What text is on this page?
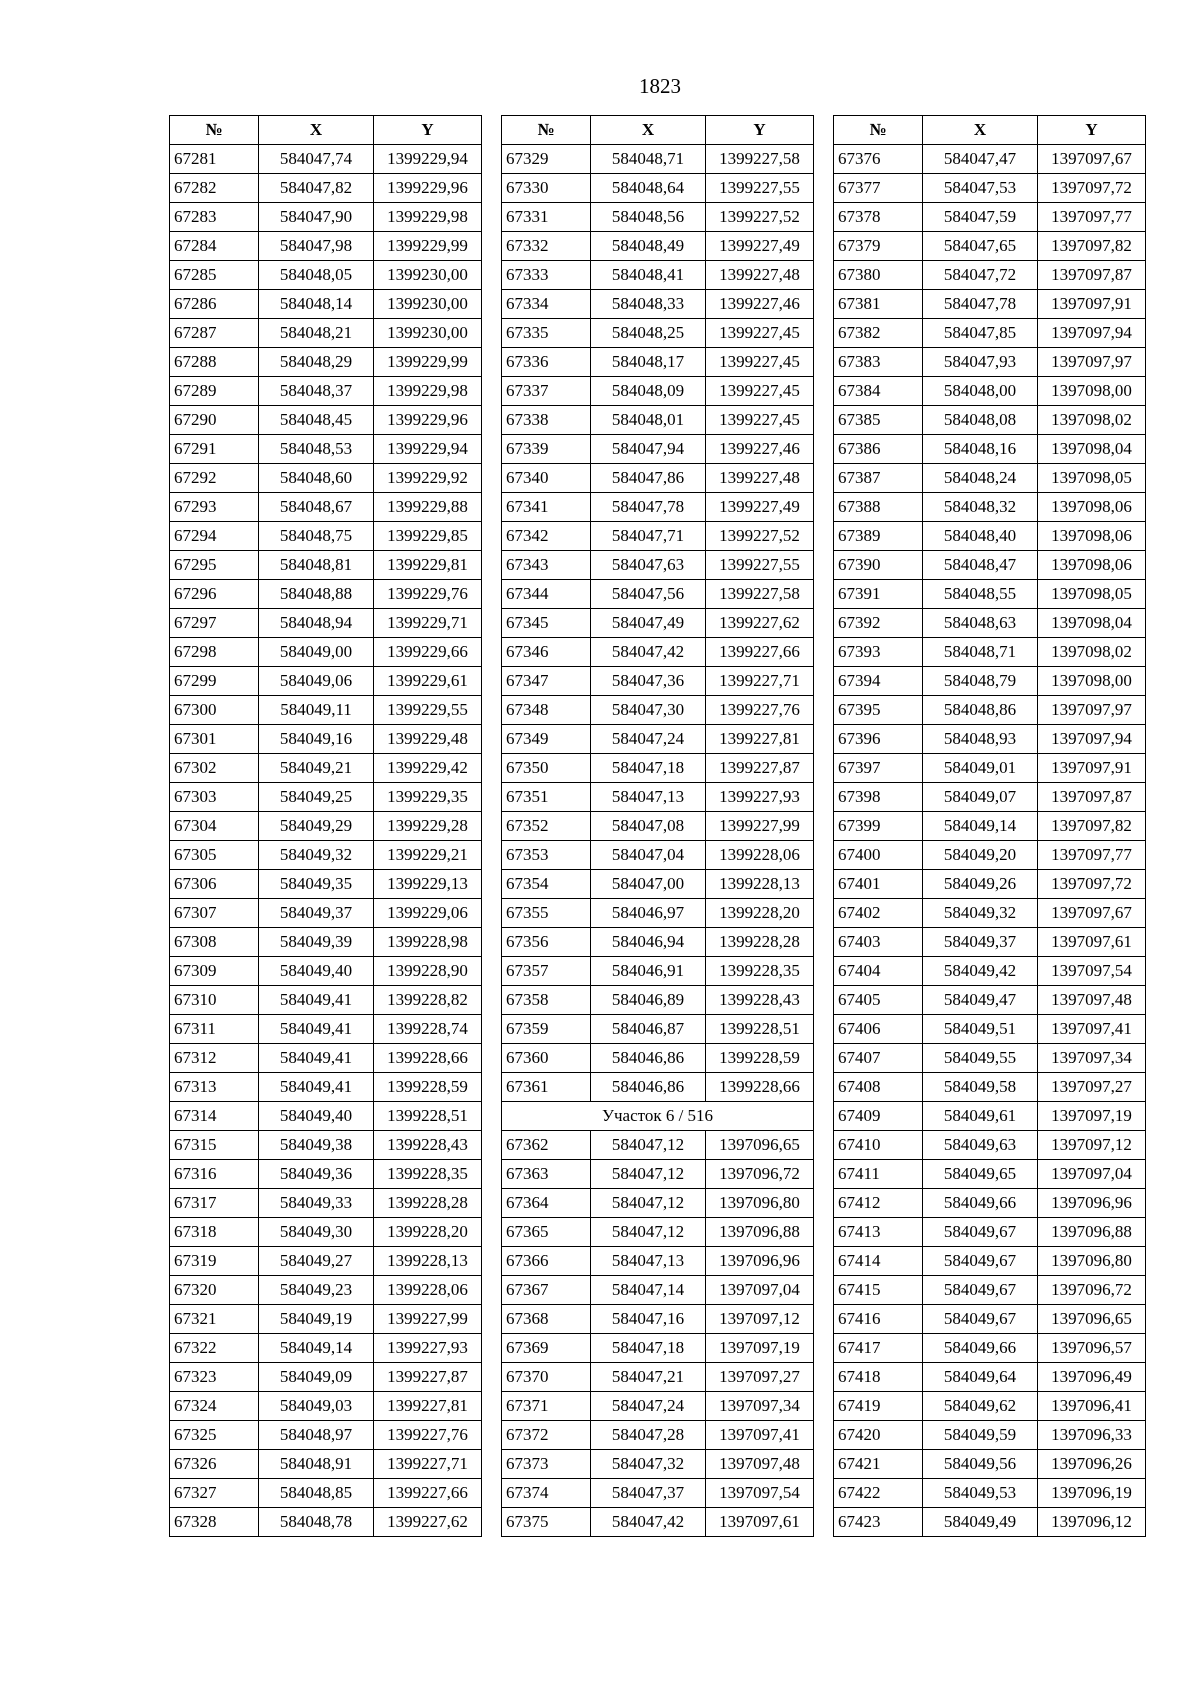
1823
№	X	Y
67281	584047,74	1399229,94
67282	584047,82	1399229,96
67283	584047,90	1399229,98
67284	584047,98	1399229,99
67285	584048,05	1399230,00
67286	584048,14	1399230,00
67287	584048,21	1399230,00
67288	584048,29	1399229,99
67289	584048,37	1399229,98
67290	584048,45	1399229,96
67291	584048,53	1399229,94
67292	584048,60	1399229,92
67293	584048,67	1399229,88
67294	584048,75	1399229,85
67295	584048,81	1399229,81
67296	584048,88	1399229,76
67297	584048,94	1399229,71
67298	584049,00	1399229,66
67299	584049,06	1399229,61
67300	584049,11	1399229,55
67301	584049,16	1399229,48
67302	584049,21	1399229,42
67303	584049,25	1399229,35
67304	584049,29	1399229,28
67305	584049,32	1399229,21
67306	584049,35	1399229,13
67307	584049,37	1399229,06
67308	584049,39	1399228,98
67309	584049,40	1399228,90
67310	584049,41	1399228,82
67311	584049,41	1399228,74
67312	584049,41	1399228,66
67313	584049,41	1399228,59
67314	584049,40	1399228,51
67315	584049,38	1399228,43
67316	584049,36	1399228,35
67317	584049,33	1399228,28
67318	584049,30	1399228,20
67319	584049,27	1399228,13
67320	584049,23	1399228,06
67321	584049,19	1399227,99
67322	584049,14	1399227,93
67323	584049,09	1399227,87
67324	584049,03	1399227,81
67325	584048,97	1399227,76
67326	584048,91	1399227,71
67327	584048,85	1399227,66
67328	584048,78	1399227,62
№	X	Y
67329	584048,71	1399227,58
67330	584048,64	1399227,55
67331	584048,56	1399227,52
67332	584048,49	1399227,49
67333	584048,41	1399227,48
67334	584048,33	1399227,46
67335	584048,25	1399227,45
67336	584048,17	1399227,45
67337	584048,09	1399227,45
67338	584048,01	1399227,45
67339	584047,94	1399227,46
67340	584047,86	1399227,48
67341	584047,78	1399227,49
67342	584047,71	1399227,52
67343	584047,63	1399227,55
67344	584047,56	1399227,58
67345	584047,49	1399227,62
67346	584047,42	1399227,66
67347	584047,36	1399227,71
67348	584047,30	1399227,76
67349	584047,24	1399227,81
67350	584047,18	1399227,87
67351	584047,13	1399227,93
67352	584047,08	1399227,99
67353	584047,04	1399228,06
67354	584047,00	1399228,13
67355	584046,97	1399228,20
67356	584046,94	1399228,28
67357	584046,91	1399228,35
67358	584046,89	1399228,43
67359	584046,87	1399228,51
67360	584046,86	1399228,59
67361	584046,86	1399228,66
Участок 6 / 516		
67362	584047,12	1397096,65
67363	584047,12	1397096,72
67364	584047,12	1397096,80
67365	584047,12	1397096,88
67366	584047,13	1397096,96
67367	584047,14	1397097,04
67368	584047,16	1397097,12
67369	584047,18	1397097,19
67370	584047,21	1397097,27
67371	584047,24	1397097,34
67372	584047,28	1397097,41
67373	584047,32	1397097,48
67374	584047,37	1397097,54
67375	584047,42	1397097,61
№	X	Y
67376	584047,47	1397097,67
67377	584047,53	1397097,72
67378	584047,59	1397097,77
67379	584047,65	1397097,82
67380	584047,72	1397097,87
67381	584047,78	1397097,91
67382	584047,85	1397097,94
67383	584047,93	1397097,97
67384	584048,00	1397098,00
67385	584048,08	1397098,02
67386	584048,16	1397098,04
67387	584048,24	1397098,05
67388	584048,32	1397098,06
67389	584048,40	1397098,06
67390	584048,47	1397098,06
67391	584048,55	1397098,05
67392	584048,63	1397098,04
67393	584048,71	1397098,02
67394	584048,79	1397098,00
67395	584048,86	1397097,97
67396	584048,93	1397097,94
67397	584049,01	1397097,91
67398	584049,07	1397097,87
67399	584049,14	1397097,82
67400	584049,20	1397097,77
67401	584049,26	1397097,72
67402	584049,32	1397097,67
67403	584049,37	1397097,61
67404	584049,42	1397097,54
67405	584049,47	1397097,48
67406	584049,51	1397097,41
67407	584049,55	1397097,34
67408	584049,58	1397097,27
67409	584049,61	1397097,19
67410	584049,63	1397097,12
67411	584049,65	1397097,04
67412	584049,66	1397096,96
67413	584049,67	1397096,88
67414	584049,67	1397096,80
67415	584049,67	1397096,72
67416	584049,67	1397096,65
67417	584049,66	1397096,57
67418	584049,64	1397096,49
67419	584049,62	1397096,41
67420	584049,59	1397096,33
67421	584049,56	1397096,26
67422	584049,53	1397096,19
67423	584049,49	1397096,12
